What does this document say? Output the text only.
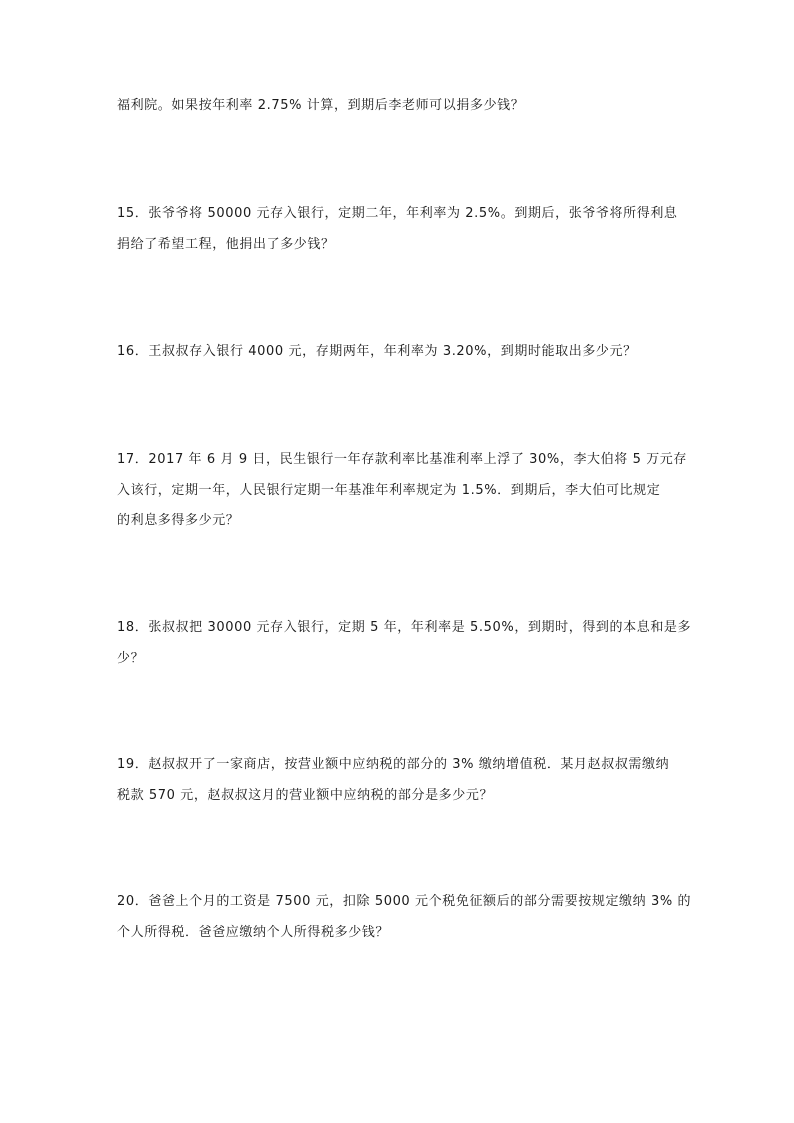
福利院。如果按年利率 2.75% 计算，到期后李老师可以捐多少钱？
15．张爷爷将 50000 元存入银行，定期二年，年利率为 2.5%。到期后，张爷爷将所得利息
捐给了希望工程，他捐出了多少钱？
16．王叔叔存入银行 4000 元，存期两年，年利率为 3.20%，到期时能取出多少元？
17．2017 年 6 月 9 日，民生银行一年存款利率比基准利率上浮了 30%，李大伯将 5 万元存
入该行，定期一年，人民银行定期一年基准年利率规定为 1.5%．到期后，李大伯可比规定
的利息多得多少元？
18．张叔叔把 30000 元存入银行，定期 5 年，年利率是 5.50%，到期时，得到的本息和是多
少？
19．赵叔叔开了一家商店，按营业额中应纳税的部分的 3% 缴纳增值税．某月赵叔叔需缴纳
税款 570 元，赵叔叔这月的营业额中应纳税的部分是多少元？
20．爸爸上个月的工资是 7500 元，扣除 5000 元个税免征额后的部分需要按规定缴纳 3% 的
个人所得税．爸爸应缴纳个人所得税多少钱？
